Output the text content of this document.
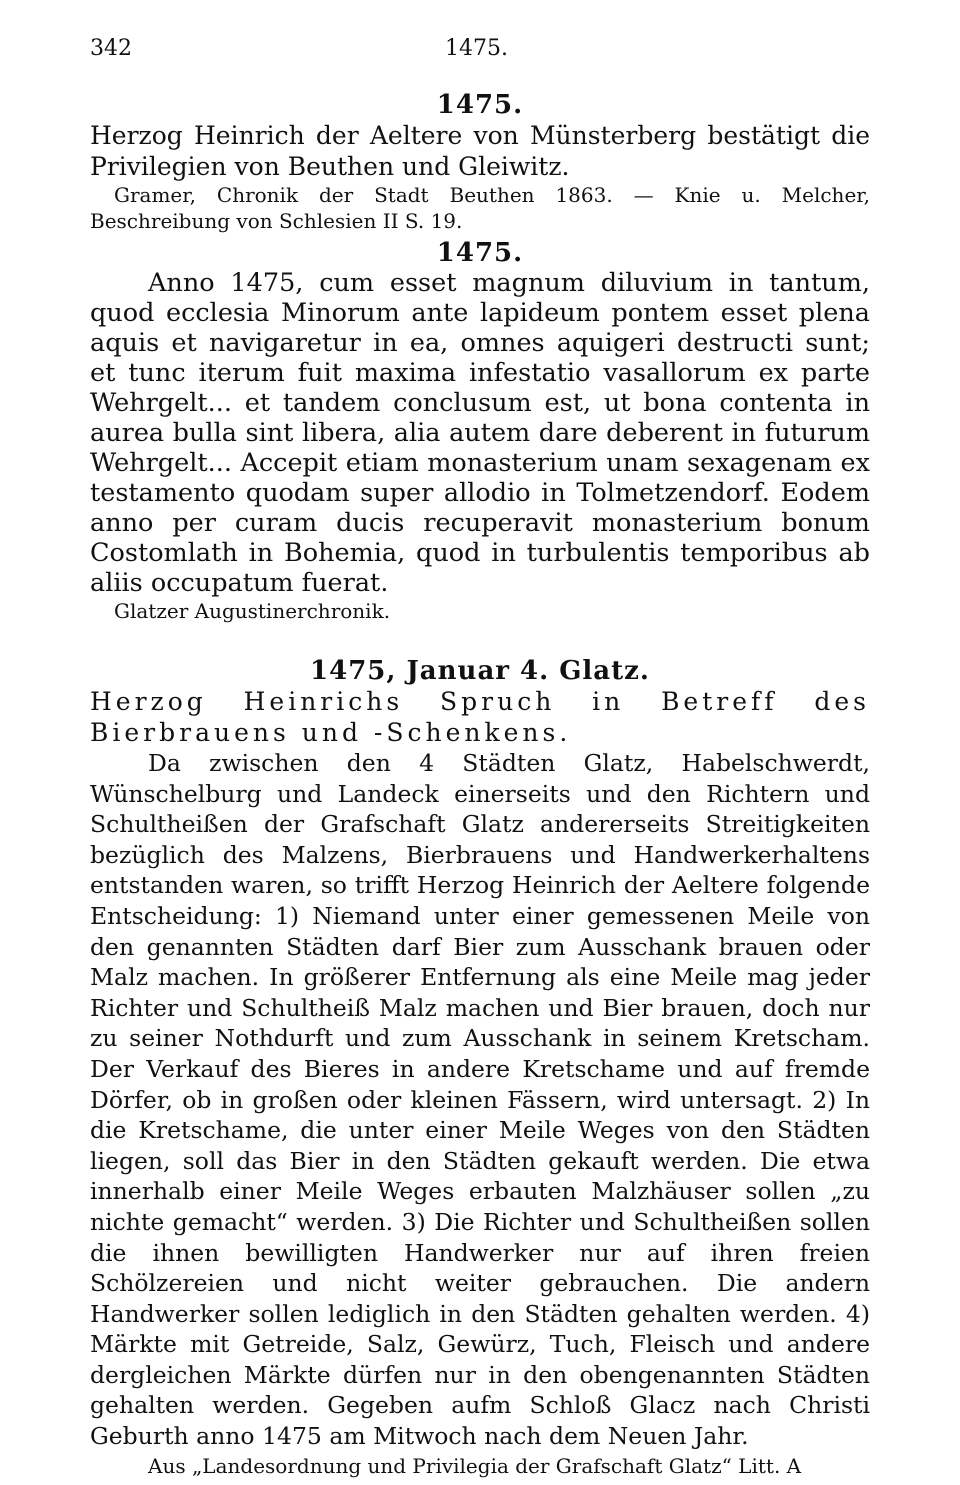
342	1475.
1475.

Herzog Heinrich der Aeltere von Münsterberg bestätigt die Privilegien von Beuthen und Gleiwitz.

Gramer, Chronik der Stadt Beuthen 1863. — Knie u. Melcher, Beschreibung von Schlesien II S. 19.

1475.

Anno 1475, cum esset magnum diluvium in tantum, quod ecclesia Minorum ante lapideum pontem esset plena aquis et navigaretur in ea, omnes aquigeri destructi sunt; et tunc iterum fuit maxima infestatio vasallorum ex parte Wehrgelt... et tandem conclusum est, ut bona contenta in aurea bulla sint libera, alia autem dare deberent in futurum Wehrgelt... Accepit etiam monasterium unam sexagenam ex testamento quodam super allodio in Tolmetzendorf. Eodem anno per curam ducis recuperavit monasterium bonum Costomlath in Bohemia, quod in turbulentis temporibus ab aliis occupatum fuerat.

Glatzer Augustinerchronik.

1475, Januar 4. Glatz.

Herzog Heinrichs Spruch in Betreff des Bierbrauens und -Schenkens.

Da zwischen den 4 Städten Glatz, Habelschwerdt, Wünschelburg und Landeck einerseits und den Richtern und Schultheißen der Grafschaft Glatz andererseits Streitigkeiten bezüglich des Malzens, Bierbrauens und Handwerkerhaltens entstanden waren, so trifft Herzog Heinrich der Aeltere folgende Entscheidung: 1) Niemand unter einer gemessenen Meile von den genannten Städten darf Bier zum Ausschank brauen oder Malz machen. In größerer Entfernung als eine Meile mag jeder Richter und Schultheiß Malz machen und Bier brauen, doch nur zu seiner Nothdurft und zum Ausschank in seinem Kretscham. Der Verkauf des Bieres in andere Kretschame und auf fremde Dörfer, ob in großen oder kleinen Fässern, wird untersagt. 2) In die Kretschame, die unter einer Meile Weges von den Städten liegen, soll das Bier in den Städten gekauft werden. Die etwa innerhalb einer Meile Weges erbauten Malzhäuser sollen „zu nichte gemacht“ werden. 3) Die Richter und Schultheißen sollen die ihnen bewilligten Handwerker nur auf ihren freien Schölzereien und nicht weiter gebrauchen. Die andern Handwerker sollen lediglich in den Städten gehalten werden. 4) Märkte mit Getreide, Salz, Gewürz, Tuch, Fleisch und andere dergleichen Märkte dürfen nur in den obengenannten Städten gehalten werden. Gegeben aufm Schloß Glacz nach Christi Geburth anno 1475 am Mitwoch nach dem Neuen Jahr.

Aus „Landesordnung und Privilegia der Grafschaft Glatz“ Litt. A
